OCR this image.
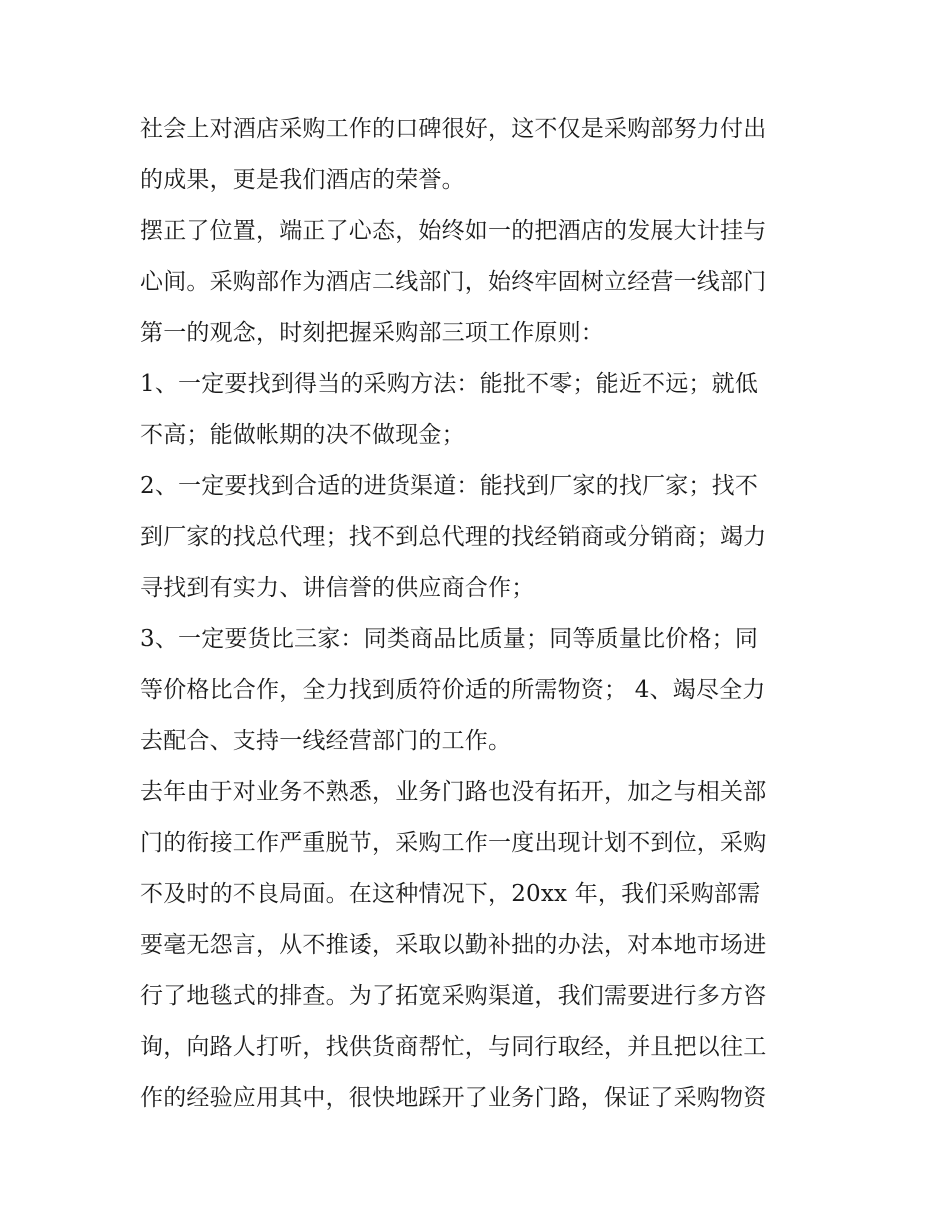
社会上对酒店采购工作的口碑很好，这不仅是采购部努力付出
的成果，更是我们酒店的荣誉。
摆正了位置，端正了心态，始终如一的把酒店的发展大计挂与
心间。采购部作为酒店二线部门，始终牢固树立经营一线部门
第一的观念，时刻把握采购部三项工作原则：
1、一定要找到得当的采购方法：能批不零；能近不远；就低
不高；能做帐期的决不做现金；
2、一定要找到合适的进货渠道：能找到厂家的找厂家；找不
到厂家的找总代理；找不到总代理的找经销商或分销商；竭力
寻找到有实力、讲信誉的供应商合作；
3、一定要货比三家：同类商品比质量；同等质量比价格；同
等价格比合作，全力找到质符价适的所需物资； 4、竭尽全力
去配合、支持一线经营部门的工作。
去年由于对业务不熟悉，业务门路也没有拓开，加之与相关部
门的衔接工作严重脱节，采购工作一度出现计划不到位，采购
不及时的不良局面。在这种情况下，20xx 年，我们采购部需
要毫无怨言，从不推诿，采取以勤补拙的办法，对本地市场进
行了地毯式的排查。为了拓宽采购渠道，我们需要进行多方咨
询，向路人打听，找供货商帮忙，与同行取经，并且把以往工
作的经验应用其中，很快地踩开了业务门路，保证了采购物资
